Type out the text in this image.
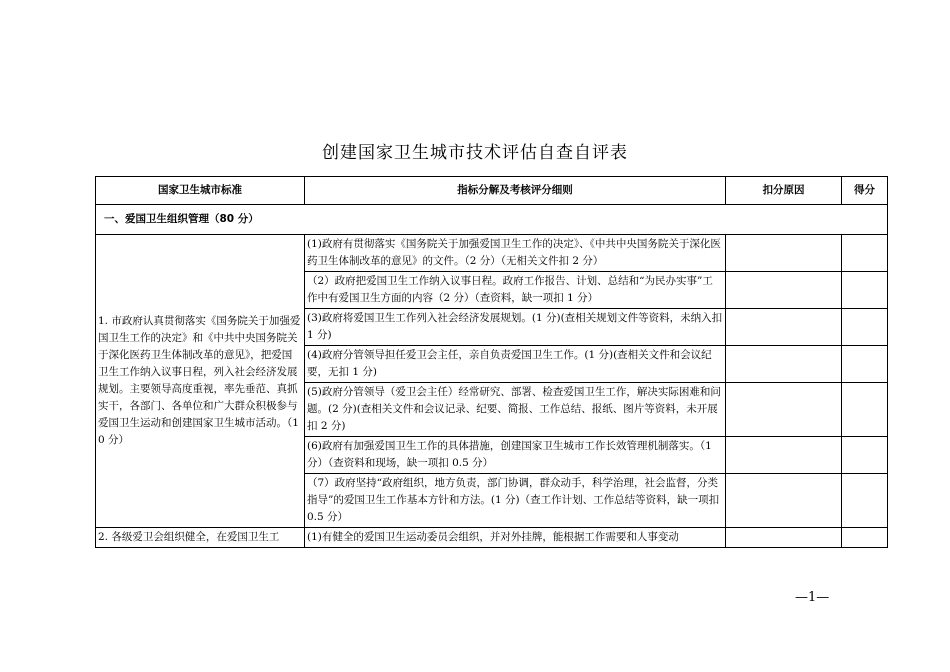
创建国家卫生城市技术评估自查自评表
国家卫生城市标准	指标分解及考核评分细则	扣分原因	得分
一、爱国卫生组织管理（80 分）			
1. 市政府认真贯彻落实《国务院关于加强爱国卫生工作的决定》和《中共中央国务院关于深化医药卫生体制改革的意见》，把爱国卫生工作纳入议事日程，列入社会经济发展规划。主要领导高度重视，率先垂范、真抓实干，各部门、各单位和广大群众积极参与爱国卫生运动和创建国家卫生城市活动。（10 分）	(1)政府有贯彻落实《国务院关于加强爱国卫生工作的决定》、《中共中央国务院关于深化医药卫生体制改革的意见》的文件。（2 分）（无相关文件扣 2 分）		
	（2）政府把爱国卫生工作纳入议事日程。政府工作报告、计划、总结和“为民办实事”工作中有爱国卫生方面的内容（2 分）（查资料，缺一项扣 1 分）		
	(3)政府将爱国卫生工作列入社会经济发展规划。(1 分)(查相关规划文件等资料，未纳入扣 1 分)		
	(4)政府分管领导担任爱卫会主任，亲自负责爱国卫生工作。(1 分)(查相关文件和会议纪要，无扣 1 分)		
	(5)政府分管领导（爱卫会主任）经常研究、部署、检查爱国卫生工作，解决实际困难和问题。(2 分)(查相关文件和会议记录、纪要、简报、工作总结、报纸、图片等资料，未开展扣 2 分)		
	(6)政府有加强爱国卫生工作的具体措施，创建国家卫生城市工作长效管理机制落实。（1 分）（查资料和现场，缺一项扣 0.5 分）		
	（7）政府坚持“政府组织，地方负责，部门协调，群众动手，科学治理，社会监督，分类指导”的爱国卫生工作基本方针和方法。(1 分)（查工作计划、工作总结等资料，缺一项扣 0.5 分）		
2. 各级爱卫会组织健全，在爱国卫生工	(1)有健全的爱国卫生运动委员会组织，并对外挂牌，能根据工作需要和人事变动		
—1—
